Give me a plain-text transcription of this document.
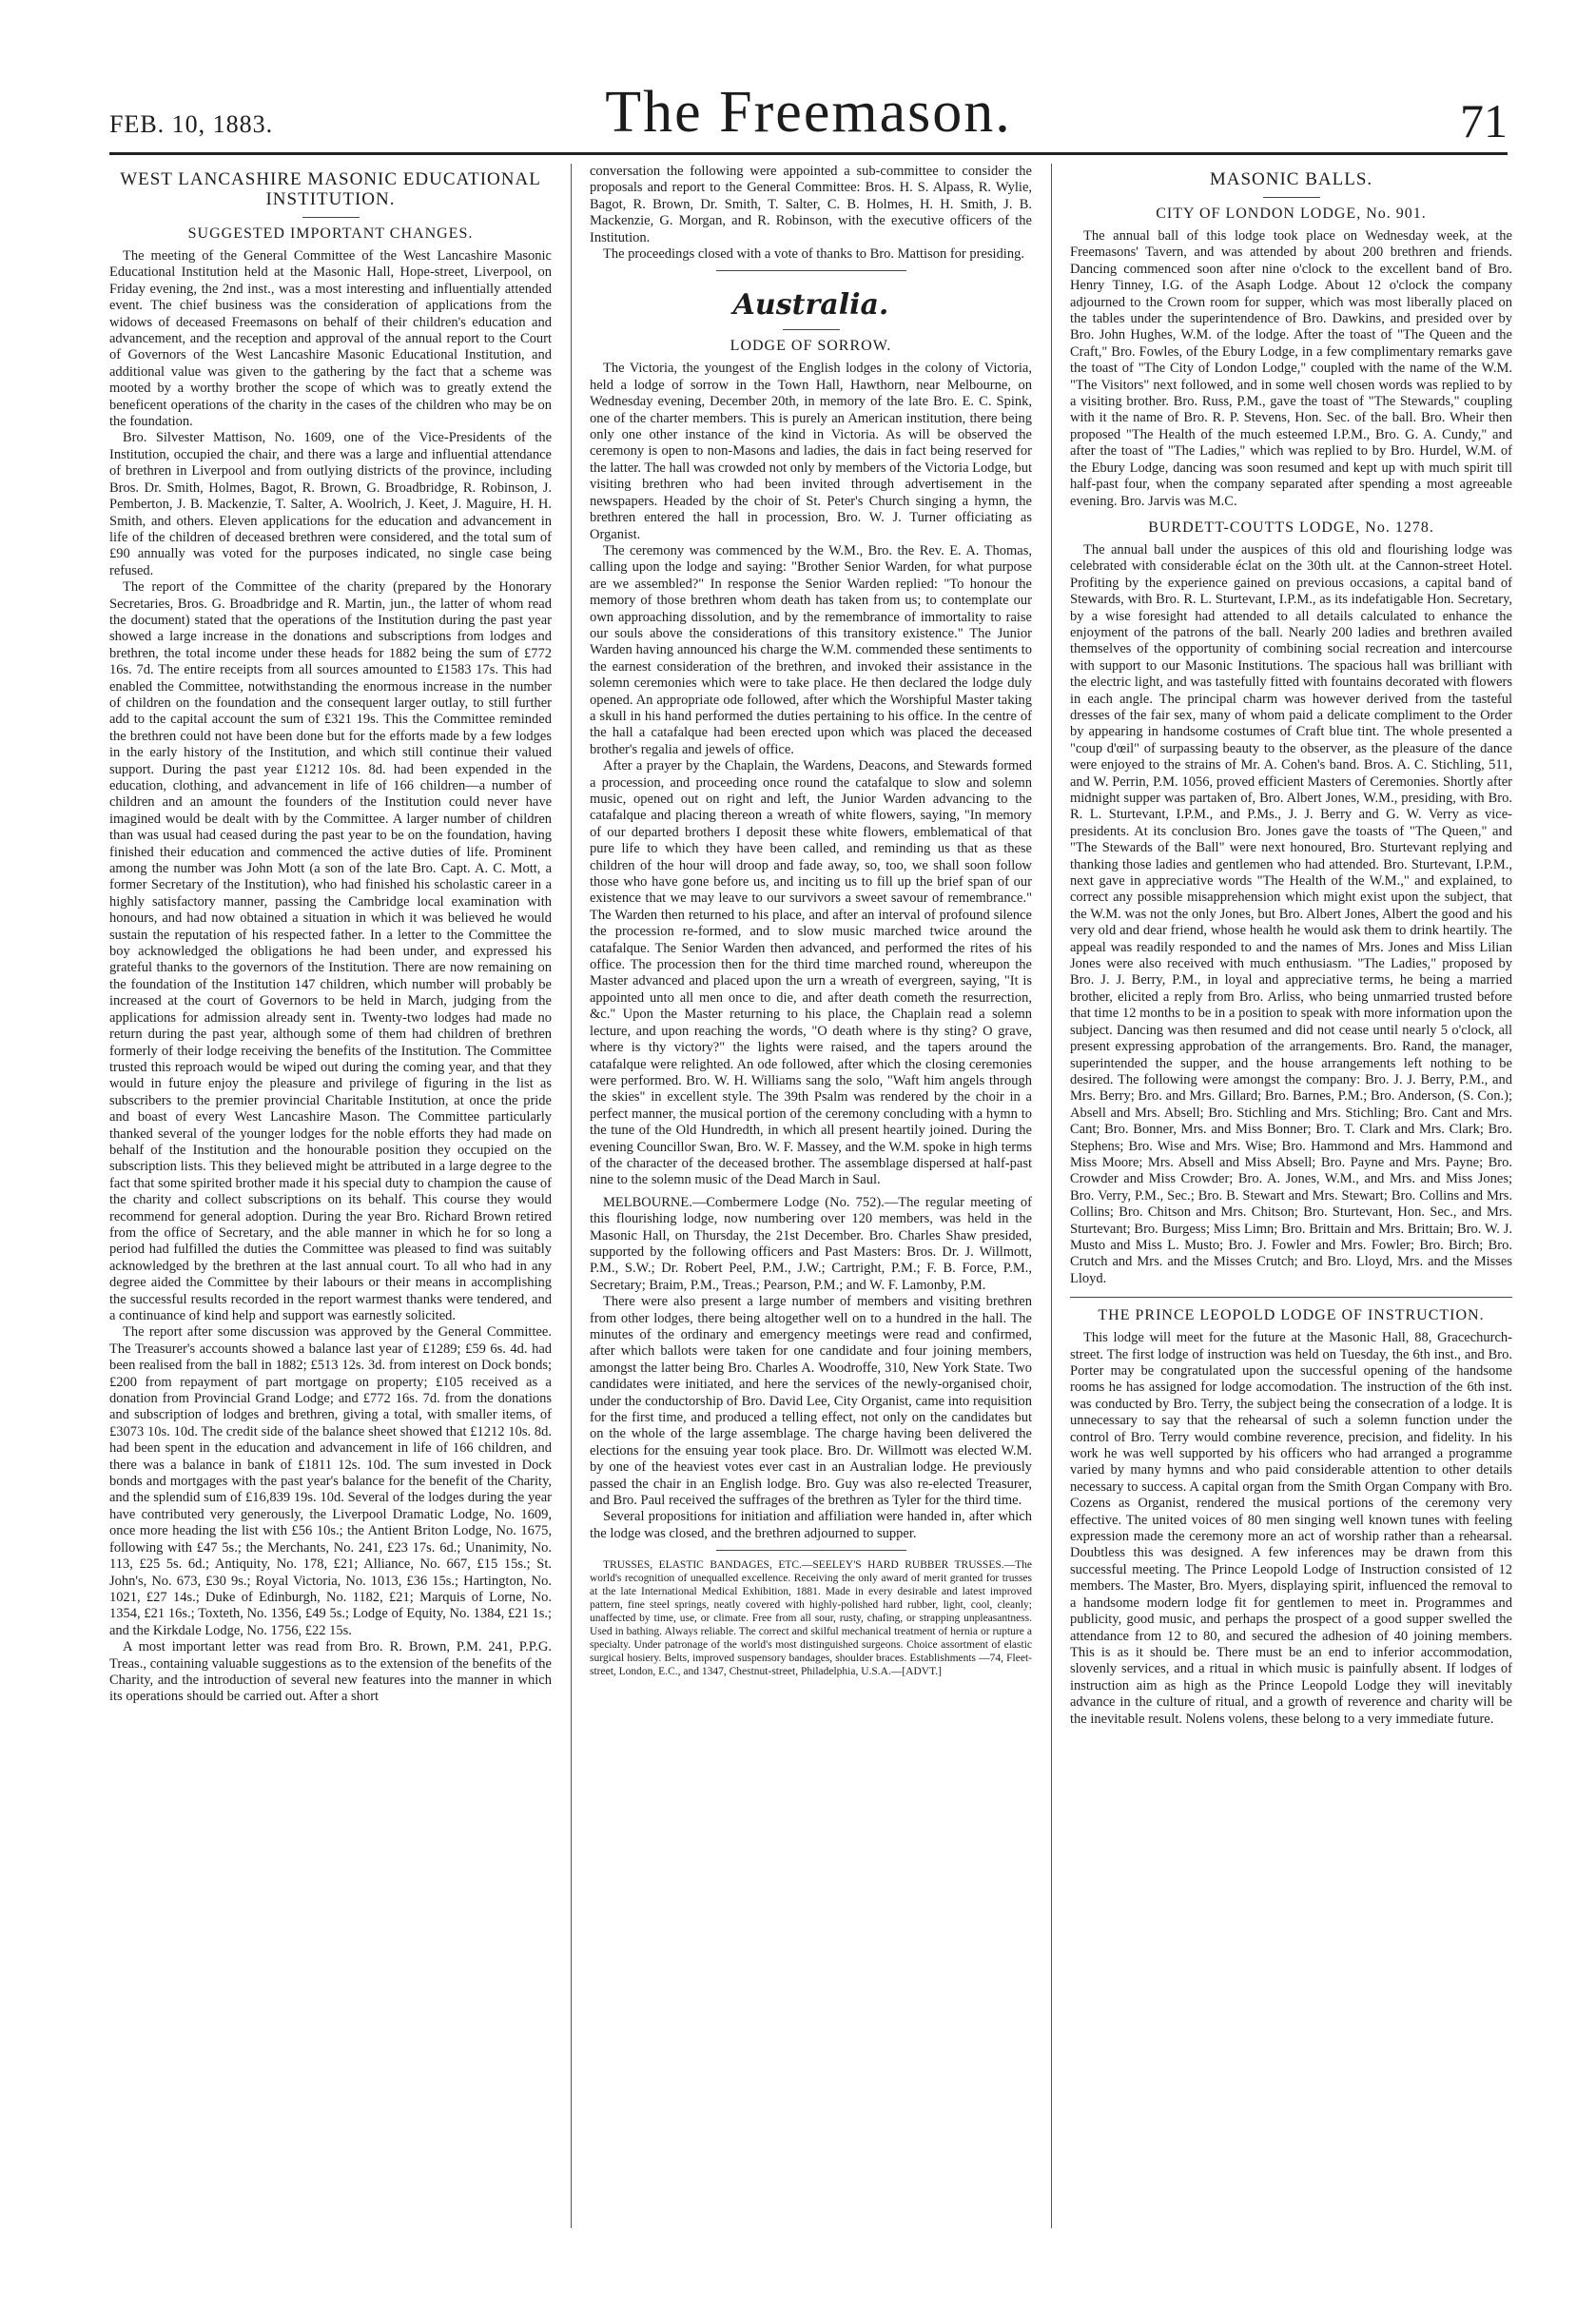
FEB. 10, 1883.	The Freemason.	71
WEST LANCASHIRE MASONIC EDUCATIONAL INSTITUTION.
SUGGESTED IMPORTANT CHANGES.

The meeting of the General Committee of the West Lancashire Masonic Educational Institution held at the Masonic Hall, Hope-street, Liverpool, on Friday evening, the 2nd inst., was a most interesting and influentially attended event. The chief business was the consideration of applications from the widows of deceased Freemasons on behalf of their children's education and advancement, and the reception and approval of the annual report to the Court of Governors of the West Lancashire Masonic Educational Institution, and additional value was given to the gathering by the fact that a scheme was mooted by a worthy brother the scope of which was to greatly extend the beneficent operations of the charity in the cases of the children who may be on the foundation.

Bro. Silvester Mattison, No. 1609, one of the Vice-Presidents of the Institution, occupied the chair, and there was a large and influential attendance of brethren in Liverpool and from outlying districts of the province, including Bros. Dr. Smith, Holmes, Bagot, R. Brown, G. Broadbridge, R. Robinson, J. Pemberton, J. B. Mackenzie, T. Salter, A. Woolrich, J. Keet, J. Maguire, H. H. Smith, and others. Eleven applications for the education and advancement in life of the children of deceased brethren were considered, and the total sum of £90 annually was voted for the purposes indicated, no single case being refused.

The report of the Committee of the charity (prepared by the Honorary Secretaries, Bros. G. Broadbridge and R. Martin, jun., the latter of whom read the document) stated that the operations of the Institution during the past year showed a large increase in the donations and subscriptions from lodges and brethren, the total income under these heads for 1882 being the sum of £772 16s. 7d. The entire receipts from all sources amounted to £1583 17s. This had enabled the Committee, notwithstanding the enormous increase in the number of children on the foundation and the consequent larger outlay, to still further add to the capital account the sum of £321 19s. This the Committee reminded the brethren could not have been done but for the efforts made by a few lodges in the early history of the Institution, and which still continue their valued support. During the past year £1212 10s. 8d. had been expended in the education, clothing, and advancement in life of 166 children—a number of children and an amount the founders of the Institution could never have imagined would be dealt with by the Committee. A larger number of children than was usual had ceased during the past year to be on the foundation, having finished their education and commenced the active duties of life. Prominent among the number was John Mott (a son of the late Bro. Capt. A. C. Mott, a former Secretary of the Institution), who had finished his scholastic career in a highly satisfactory manner, passing the Cambridge local examination with honours, and had now obtained a situation in which it was believed he would sustain the reputation of his respected father. In a letter to the Committee the boy acknowledged the obligations he had been under, and expressed his grateful thanks to the governors of the Institution. There are now remaining on the foundation of the Institution 147 children, which number will probably be increased at the court of Governors to be held in March, judging from the applications for admission already sent in. Twenty-two lodges had made no return during the past year, although some of them had children of brethren formerly of their lodge receiving the benefits of the Institution. The Committee trusted this reproach would be wiped out during the coming year, and that they would in future enjoy the pleasure and privilege of figuring in the list as subscribers to the premier provincial Charitable Institution, at once the pride and boast of every West Lancashire Mason. The Committee particularly thanked several of the younger lodges for the noble efforts they had made on behalf of the Institution and the honourable position they occupied on the subscription lists. This they believed might be attributed in a large degree to the fact that some spirited brother made it his special duty to champion the cause of the charity and collect subscriptions on its behalf. This course they would recommend for general adoption. During the year Bro. Richard Brown retired from the office of Secretary, and the able manner in which he for so long a period had fulfilled the duties the Committee was pleased to find was suitably acknowledged by the brethren at the last annual court. To all who had in any degree aided the Committee by their labours or their means in accomplishing the successful results recorded in the report warmest thanks were tendered, and a continuance of kind help and support was earnestly solicited.

The report after some discussion was approved by the General Committee. The Treasurer's accounts showed a balance last year of £1289; £59 6s. 4d. had been realised from the ball in 1882; £513 12s. 3d. from interest on Dock bonds; £200 from repayment of part mortgage on property; £105 received as a donation from Provincial Grand Lodge; and £772 16s. 7d. from the donations and subscription of lodges and brethren, giving a total, with smaller items, of £3073 10s. 10d. The credit side of the balance sheet showed that £1212 10s. 8d. had been spent in the education and advancement in life of 166 children, and there was a balance in bank of £1811 12s. 10d. The sum invested in Dock bonds and mortgages with the past year's balance for the benefit of the Charity, and the splendid sum of £16,839 19s. 10d. Several of the lodges during the year have contributed very generously, the Liverpool Dramatic Lodge, No. 1609, once more heading the list with £56 10s.; the Antient Briton Lodge, No. 1675, following with £47 5s.; the Merchants, No. 241, £23 17s. 6d.; Unanimity, No. 113, £25 5s. 6d.; Antiquity, No. 178, £21; Alliance, No. 667, £15 15s.; St. John's, No. 673, £30 9s.; Royal Victoria, No. 1013, £36 15s.; Hartington, No. 1021, £27 14s.; Duke of Edinburgh, No. 1182, £21; Marquis of Lorne, No. 1354, £21 16s.; Toxteth, No. 1356, £49 5s.; Lodge of Equity, No. 1384, £21 1s.; and the Kirkdale Lodge, No. 1756, £22 15s.

A most important letter was read from Bro. R. Brown, P.M. 241, P.P.G. Treas., containing valuable suggestions as to the extension of the benefits of the Charity, and the introduction of several new features into the manner in which its operations should be carried out. After a short

conversation the following were appointed a sub-committee to consider the proposals and report to the General Committee: Bros. H. S. Alpass, R. Wylie, Bagot, R. Brown, Dr. Smith, T. Salter, C. B. Holmes, H. H. Smith, J. B. Mackenzie, G. Morgan, and R. Robinson, with the executive officers of the Institution.

The proceedings closed with a vote of thanks to Bro. Mattison for presiding.

Australia.
LODGE OF SORROW.

The Victoria, the youngest of the English lodges in the colony of Victoria, held a lodge of sorrow in the Town Hall, Hawthorn, near Melbourne, on Wednesday evening, December 20th, in memory of the late Bro. E. C. Spink, one of the charter members. This is purely an American institution, there being only one other instance of the kind in Victoria. As will be observed the ceremony is open to non-Masons and ladies, the dais in fact being reserved for the latter. The hall was crowded not only by members of the Victoria Lodge, but visiting brethren who had been invited through advertisement in the newspapers. Headed by the choir of St. Peter's Church singing a hymn, the brethren entered the hall in procession, Bro. W. J. Turner officiating as Organist.

The ceremony was commenced by the W.M., Bro. the Rev. E. A. Thomas, calling upon the lodge and saying: "Brother Senior Warden, for what purpose are we assembled?" In response the Senior Warden replied: "To honour the memory of those brethren whom death has taken from us; to contemplate our own approaching dissolution, and by the remembrance of immortality to raise our souls above the considerations of this transitory existence." The Junior Warden having announced his charge the W.M. commended these sentiments to the earnest consideration of the brethren, and invoked their assistance in the solemn ceremonies which were to take place. He then declared the lodge duly opened. An appropriate ode followed, after which the Worshipful Master taking a skull in his hand performed the duties pertaining to his office. In the centre of the hall a catafalque had been erected upon which was placed the deceased brother's regalia and jewels of office.

After a prayer by the Chaplain, the Wardens, Deacons, and Stewards formed a procession, and proceeding once round the catafalque to slow and solemn music, opened out on right and left, the Junior Warden advancing to the catafalque and placing thereon a wreath of white flowers, saying, "In memory of our departed brothers I deposit these white flowers, emblematical of that pure life to which they have been called, and reminding us that as these children of the hour will droop and fade away, so, too, we shall soon follow those who have gone before us, and inciting us to fill up the brief span of our existence that we may leave to our survivors a sweet savour of remembrance." The Warden then returned to his place, and after an interval of profound silence the procession re-formed, and to slow music marched twice around the catafalque. The Senior Warden then advanced, and performed the rites of his office. The procession then for the third time marched round, whereupon the Master advanced and placed upon the urn a wreath of evergreen, saying, "It is appointed unto all men once to die, and after death cometh the resurrection, &c." Upon the Master returning to his place, the Chaplain read a solemn lecture, and upon reaching the words, "O death where is thy sting? O grave, where is thy victory?" the lights were raised, and the tapers around the catafalque were relighted. An ode followed, after which the closing ceremonies were performed. Bro. W. H. Williams sang the solo, "Waft him angels through the skies" in excellent style. The 39th Psalm was rendered by the choir in a perfect manner, the musical portion of the ceremony concluding with a hymn to the tune of the Old Hundredth, in which all present heartily joined. During the evening Councillor Swan, Bro. W. F. Massey, and the W.M. spoke in high terms of the character of the deceased brother. The assemblage dispersed at half-past nine to the solemn music of the Dead March in Saul.

MELBOURNE.—Combermere Lodge (No. 752).—The regular meeting of this flourishing lodge, now numbering over 120 members, was held in the Masonic Hall, on Thursday, the 21st December. Bro. Charles Shaw presided, supported by the following officers and Past Masters: Bros. Dr. J. Willmott, P.M., S.W.; Dr. Robert Peel, P.M., J.W.; Cartright, P.M.; F. B. Force, P.M., Secretary; Braim, P.M., Treas.; Pearson, P.M.; and W. F. Lamonby, P.M.

There were also present a large number of members and visiting brethren from other lodges, there being altogether well on to a hundred in the hall. The minutes of the ordinary and emergency meetings were read and confirmed, after which ballots were taken for one candidate and four joining members, amongst the latter being Bro. Charles A. Woodroffe, 310, New York State. Two candidates were initiated, and here the services of the newly-organised choir, under the conductorship of Bro. David Lee, City Organist, came into requisition for the first time, and produced a telling effect, not only on the candidates but on the whole of the large assemblage. The charge having been delivered the elections for the ensuing year took place. Bro. Dr. Willmott was elected W.M. by one of the heaviest votes ever cast in an Australian lodge. He previously passed the chair in an English lodge. Bro. Guy was also re-elected Treasurer, and Bro. Paul received the suffrages of the brethren as Tyler for the third time.

Several propositions for initiation and affiliation were handed in, after which the lodge was closed, and the brethren adjourned to supper.

TRUSSES, ELASTIC BANDAGES, ETC.—SEELEY'S HARD RUBBER TRUSSES.—The world's recognition of unequalled excellence. Receiving the only award of merit granted for trusses at the late International Medical Exhibition, 1881. Made in every desirable and latest improved pattern, fine steel springs, neatly covered with highly-polished hard rubber, light, cool, cleanly; unaffected by time, use, or climate. Free from all sour, rusty, chafing, or strapping unpleasantness. Used in bathing. Always reliable. The correct and skilful mechanical treatment of hernia or rupture a specialty. Under patronage of the world's most distinguished surgeons. Choice assortment of elastic surgical hosiery. Belts, improved suspensory bandages, shoulder braces. Establishments —74, Fleet-street, London, E.C., and 1347, Chestnut-street, Philadelphia, U.S.A.—[ADVT.]

MASONIC BALLS.
CITY OF LONDON LODGE, No. 901.

The annual ball of this lodge took place on Wednesday week, at the Freemasons' Tavern, and was attended by about 200 brethren and friends. Dancing commenced soon after nine o'clock to the excellent band of Bro. Henry Tinney, I.G. of the Asaph Lodge. About 12 o'clock the company adjourned to the Crown room for supper, which was most liberally placed on the tables under the superintendence of Bro. Dawkins, and presided over by Bro. John Hughes, W.M. of the lodge. After the toast of "The Queen and the Craft," Bro. Fowles, of the Ebury Lodge, in a few complimentary remarks gave the toast of "The City of London Lodge," coupled with the name of the W.M. "The Visitors" next followed, and in some well chosen words was replied to by a visiting brother. Bro. Russ, P.M., gave the toast of "The Stewards," coupling with it the name of Bro. R. P. Stevens, Hon. Sec. of the ball. Bro. Wheir then proposed "The Health of the much esteemed I.P.M., Bro. G. A. Cundy," and after the toast of "The Ladies," which was replied to by Bro. Hurdel, W.M. of the Ebury Lodge, dancing was soon resumed and kept up with much spirit till half-past four, when the company separated after spending a most agreeable evening. Bro. Jarvis was M.C.

BURDETT-COUTTS LODGE, No. 1278.

The annual ball under the auspices of this old and flourishing lodge was celebrated with considerable éclat on the 30th ult. at the Cannon-street Hotel. Profiting by the experience gained on previous occasions, a capital band of Stewards, with Bro. R. L. Sturtevant, I.P.M., as its indefatigable Hon. Secretary, by a wise foresight had attended to all details calculated to enhance the enjoyment of the patrons of the ball. Nearly 200 ladies and brethren availed themselves of the opportunity of combining social recreation and intercourse with support to our Masonic Institutions. The spacious hall was brilliant with the electric light, and was tastefully fitted with fountains decorated with flowers in each angle. The principal charm was however derived from the tasteful dresses of the fair sex, many of whom paid a delicate compliment to the Order by appearing in handsome costumes of Craft blue tint. The whole presented a "coup d'œil" of surpassing beauty to the observer, as the pleasure of the dance were enjoyed to the strains of Mr. A. Cohen's band. Bros. A. C. Stichling, 511, and W. Perrin, P.M. 1056, proved efficient Masters of Ceremonies. Shortly after midnight supper was partaken of, Bro. Albert Jones, W.M., presiding, with Bro. R. L. Sturtevant, I.P.M., and P.Ms., J. J. Berry and G. W. Verry as vice-presidents. At its conclusion Bro. Jones gave the toasts of "The Queen," and "The Stewards of the Ball" were next honoured, Bro. Sturtevant replying and thanking those ladies and gentlemen who had attended. Bro. Sturtevant, I.P.M., next gave in appreciative words "The Health of the W.M.," and explained, to correct any possible misapprehension which might exist upon the subject, that the W.M. was not the only Jones, but Bro. Albert Jones, Albert the good and his very old and dear friend, whose health he would ask them to drink heartily. The appeal was readily responded to and the names of Mrs. Jones and Miss Lilian Jones were also received with much enthusiasm. "The Ladies," proposed by Bro. J. J. Berry, P.M., in loyal and appreciative terms, he being a married brother, elicited a reply from Bro. Arliss, who being unmarried trusted before that time 12 months to be in a position to speak with more information upon the subject. Dancing was then resumed and did not cease until nearly 5 o'clock, all present expressing approbation of the arrangements. Bro. Rand, the manager, superintended the supper, and the house arrangements left nothing to be desired. The following were amongst the company: Bro. J. J. Berry, P.M., and Mrs. Berry; Bro. and Mrs. Gillard; Bro. Barnes, P.M.; Bro. Anderson, (S. Con.); Absell and Mrs. Absell; Bro. Stichling and Mrs. Stichling; Bro. Cant and Mrs. Cant; Bro. Bonner, Mrs. and Miss Bonner; Bro. T. Clark and Mrs. Clark; Bro. Stephens; Bro. Wise and Mrs. Wise; Bro. Hammond and Mrs. Hammond and Miss Moore; Mrs. Absell and Miss Absell; Bro. Payne and Mrs. Payne; Bro. Crowder and Miss Crowder; Bro. A. Jones, W.M., and Mrs. and Miss Jones; Bro. Verry, P.M., Sec.; Bro. B. Stewart and Mrs. Stewart; Bro. Collins and Mrs. Collins; Bro. Chitson and Mrs. Chitson; Bro. Sturtevant, Hon. Sec., and Mrs. Sturtevant; Bro. Burgess; Miss Limn; Bro. Brittain and Mrs. Brittain; Bro. W. J. Musto and Miss L. Musto; Bro. J. Fowler and Mrs. Fowler; Bro. Birch; Bro. Crutch and Mrs. and the Misses Crutch; and Bro. Lloyd, Mrs. and the Misses Lloyd.

THE PRINCE LEOPOLD LODGE OF INSTRUCTION.

This lodge will meet for the future at the Masonic Hall, 88, Gracechurch-street. The first lodge of instruction was held on Tuesday, the 6th inst., and Bro. Porter may be congratulated upon the successful opening of the handsome rooms he has assigned for lodge accomodation. The instruction of the 6th inst. was conducted by Bro. Terry, the subject being the consecration of a lodge. It is unnecessary to say that the rehearsal of such a solemn function under the control of Bro. Terry would combine reverence, precision, and fidelity. In his work he was well supported by his officers who had arranged a programme varied by many hymns and who paid considerable attention to other details necessary to success. A capital organ from the Smith Organ Company with Bro. Cozens as Organist, rendered the musical portions of the ceremony very effective. The united voices of 80 men singing well known tunes with feeling expression made the ceremony more an act of worship rather than a rehearsal. Doubtless this was designed. A few inferences may be drawn from this successful meeting. The Prince Leopold Lodge of Instruction consisted of 12 members. The Master, Bro. Myers, displaying spirit, influenced the removal to a handsome modern lodge fit for gentlemen to meet in. Programmes and publicity, good music, and perhaps the prospect of a good supper swelled the attendance from 12 to 80, and secured the adhesion of 40 joining members. This is as it should be. There must be an end to inferior accommodation, slovenly services, and a ritual in which music is painfully absent. If lodges of instruction aim as high as the Prince Leopold Lodge they will inevitably advance in the culture of ritual, and a growth of reverence and charity will be the inevitable result. Nolens volens, these belong to a very immediate future.
